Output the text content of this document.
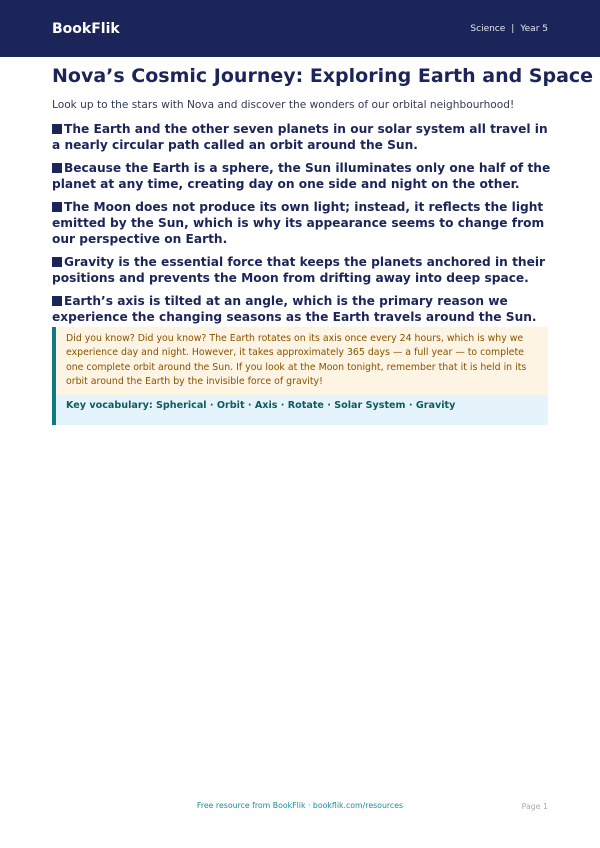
BookFlik	Science | Year 5
Nova’s Cosmic Journey: Exploring Earth and Space

Look up to the stars with Nova and discover the wonders of our orbital neighbourhood!

The Earth and the other seven planets in our solar system all travel in a nearly circular path called an orbit around the Sun.

Because the Earth is a sphere, the Sun illuminates only one half of the planet at any time, creating day on one side and night on the other.

The Moon does not produce its own light; instead, it reflects the light emitted by the Sun, which is why its appearance seems to change from our perspective on Earth.

Gravity is the essential force that keeps the planets anchored in their positions and prevents the Moon from drifting away into deep space.

Earth’s axis is tilted at an angle, which is the primary reason we experience the changing seasons as the Earth travels around the Sun.

Did you know? Did you know? The Earth rotates on its axis once every 24 hours, which is why we experience day and night. However, it takes approximately 365 days — a full year — to complete one complete orbit around the Sun. If you look at the Moon tonight, remember that it is held in its orbit around the Earth by the invisible force of gravity!
Key vocabulary: Spherical · Orbit · Axis · Rotate · Solar System · Gravity
Free resource from BookFlik · bookflik.com/resources	Page 1
